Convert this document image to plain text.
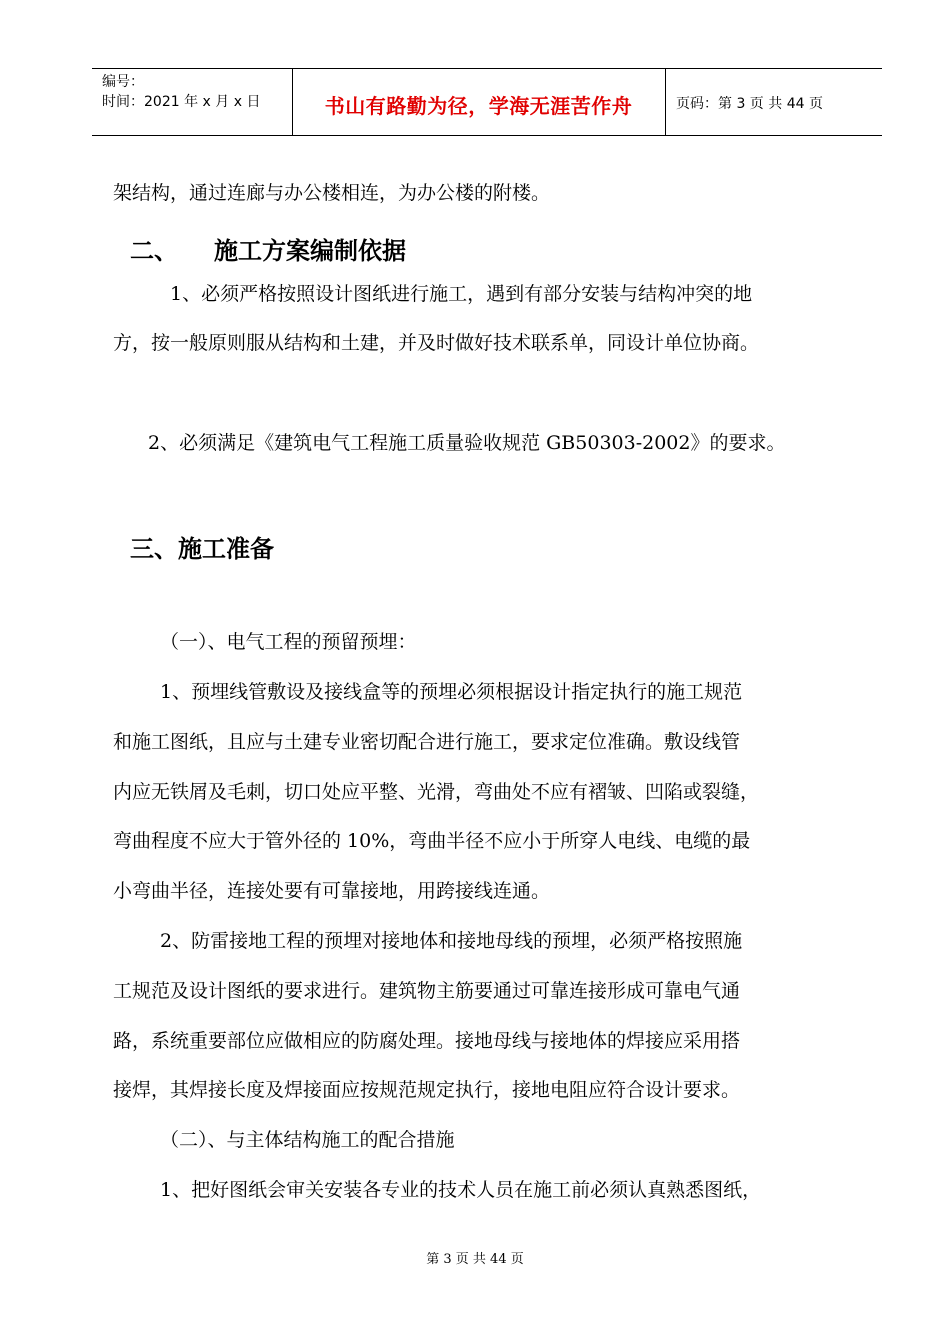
编号：
时间：2021 年 x 月 x 日	书山有路勤为径，学海无涯苦作舟	页码：第 3 页 共 44 页
架结构，通过连廊与办公楼相连，为办公楼的附楼。
二、 施工方案编制依据
1、必须严格按照设计图纸进行施工，遇到有部分安装与结构冲突的地
方，按一般原则服从结构和土建，并及时做好技术联系单，同设计单位协商。
2、必须满足《建筑电气工程施工质量验收规范 GB50303-2002》的要求。
三、施工准备
（一）、电气工程的预留预埋：
1、预埋线管敷设及接线盒等的预埋必须根据设计指定执行的施工规范
和施工图纸，且应与土建专业密切配合进行施工，要求定位准确。敷设线管
内应无铁屑及毛刺，切口处应平整、光滑，弯曲处不应有褶皱、凹陷或裂缝，
弯曲程度不应大于管外径的 10%，弯曲半径不应小于所穿人电线、电缆的最
小弯曲半径，连接处要有可靠接地，用跨接线连通。
2、防雷接地工程的预埋对接地体和接地母线的预埋，必须严格按照施
工规范及设计图纸的要求进行。建筑物主筋要通过可靠连接形成可靠电气通
路，系统重要部位应做相应的防腐处理。接地母线与接地体的焊接应采用搭
接焊，其焊接长度及焊接面应按规范规定执行，接地电阻应符合设计要求。
（二）、与主体结构施工的配合措施
1、把好图纸会审关安装各专业的技术人员在施工前必须认真熟悉图纸，
第 3 页 共 44 页
